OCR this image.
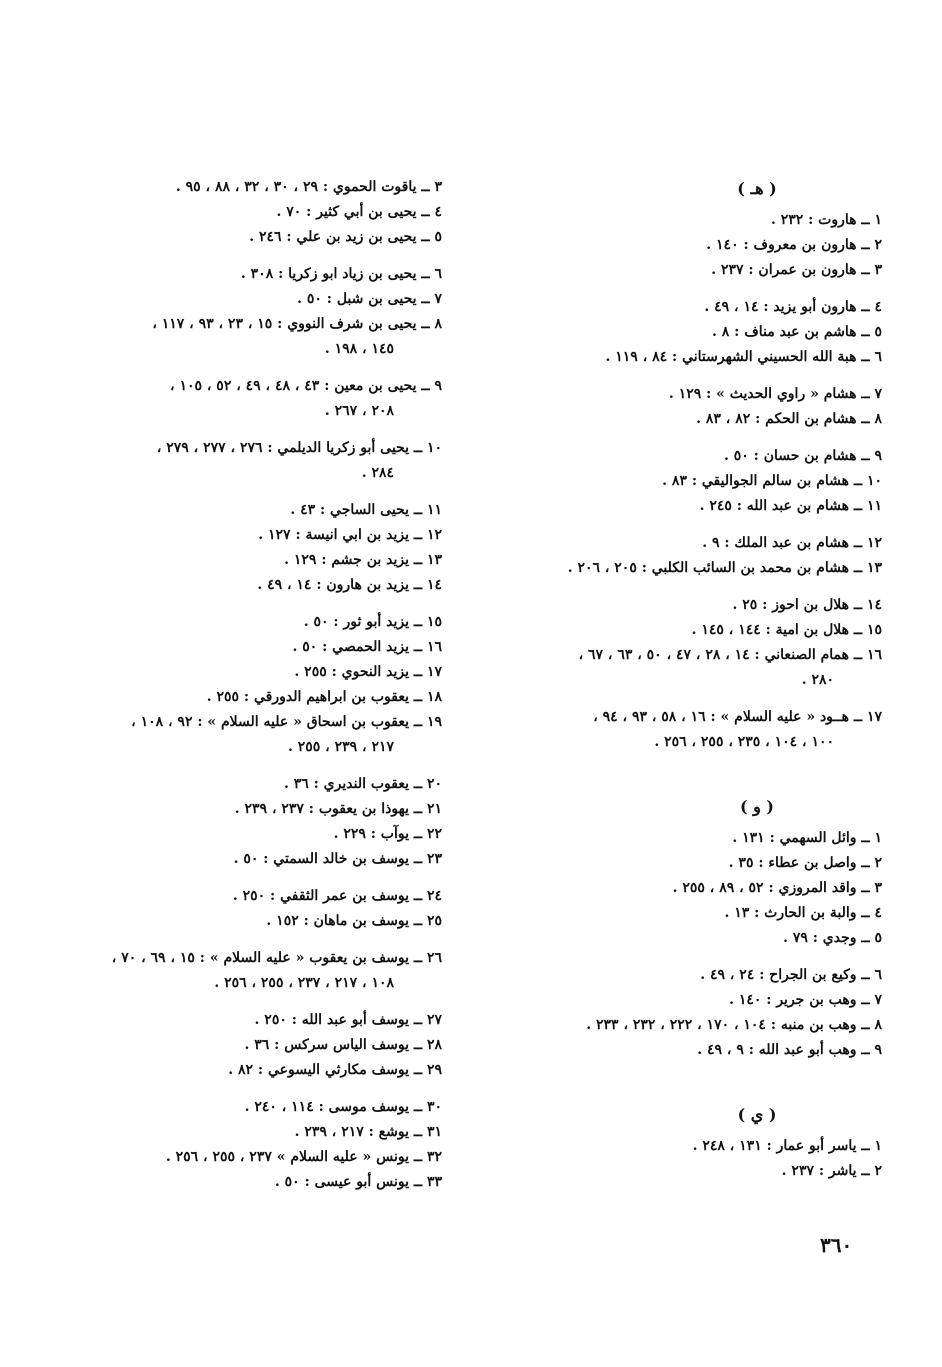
( هـ )
١ ــ هاروت : ٢٣٢ .
٢ ــ هارون بن معروف : ١٤٠ .
٣ ــ هارون بن عمران : ٢٣٧ .
٤ ــ هارون أبو يزيد : ١٤ ، ٤٩ .
٥ ــ هاشم بن عبد مناف : ٨ .
٦ ــ هبة الله الحسيني الشهرستاني : ٨٤ ، ١١٩ .
٧ ــ هشام « راوي الحديث » : ١٢٩ .
٨ ــ هشام بن الحكم : ٨٢ ، ٨٣ .
٩ ــ هشام بن حسان : ٥٠ .
١٠ ــ هشام بن سالم الجواليقي : ٨٣ .
١١ ــ هشام بن عبد الله : ٢٤٥ .
١٢ ــ هشام بن عبد الملك : ٩ .
١٣ ــ هشام بن محمد بن السائب الكلبي : ٢٠٥ ، ٢٠٦ .
١٤ ــ هلال بن احوز : ٢٥ .
١٥ ــ هلال بن امية : ١٤٤ ، ١٤٥ .
١٦ ــ همام الصنعاني : ١٤ ، ٢٨ ، ٤٧ ، ٥٠ ، ٦٣ ، ٦٧ ،
٢٨٠ .
١٧ ــ هــود « عليه السلام » : ١٦ ، ٥٨ ، ٩٣ ، ٩٤ ،
١٠٠ ، ١٠٤ ، ٢٣٥ ، ٢٥٥ ، ٢٥٦ .
( و )
١ ــ وائل السهمي : ١٣١ .
٢ ــ واصل بن عطاء : ٣٥ .
٣ ــ واقد المروزي : ٥٢ ، ٨٩ ، ٢٥٥ .
٤ ــ والبة بن الحارث : ١٣ .
٥ ــ وجدي : ٧٩ .
٦ ــ وكيع بن الجراح : ٢٤ ، ٤٩ .
٧ ــ وهب بن جرير : ١٤٠ .
٨ ــ وهب بن منبه : ١٠٤ ، ١٧٠ ، ٢٢٢ ، ٢٣٢ ، ٢٣٣ .
٩ ــ وهب أبو عبد الله : ٩ ، ٤٩ .
( ي )
١ ــ ياسر أبو عمار : ١٣١ ، ٢٤٨ .
٢ ــ ياشر : ٢٣٧ .
٣ ــ ياقوت الحموي : ٢٩ ، ٣٠ ، ٣٢ ، ٨٨ ، ٩٥ .
٤ ــ يحيى بن أبي كثير : ٧٠ .
٥ ــ يحيى بن زيد بن علي : ٢٤٦ .
٦ ــ يحيى بن زياد ابو زكريا : ٣٠٨ .
٧ ــ يحيى بن شبل : ٥٠ .
٨ ــ يحيى بن شرف النووي : ١٥ ، ٢٣ ، ٩٣ ، ١١٧ ،
١٤٥ ، ١٩٨ .
٩ ــ يحيى بن معين : ٤٣ ، ٤٨ ، ٤٩ ، ٥٢ ، ١٠٥ ،
٢٠٨ ، ٢٦٧ .
١٠ ــ يحيى أبو زكريا الديلمي : ٢٧٦ ، ٢٧٧ ، ٢٧٩ ،
٢٨٤ .
١١ ــ يحيى الساجي : ٤٣ .
١٢ ــ يزيد بن ابي انيسة : ١٢٧ .
١٣ ــ يزيد بن جشم : ١٢٩ .
١٤ ــ يزيد بن هارون : ١٤ ، ٤٩ .
١٥ ــ يزيد أبو ثور : ٥٠ .
١٦ ــ يزيد الحمصي : ٥٠ .
١٧ ــ يزيد النحوي : ٢٥٥ .
١٨ ــ يعقوب بن ابراهيم الدورقي : ٢٥٥ .
١٩ ــ يعقوب بن اسحاق « عليه السلام » : ٩٢ ، ١٠٨ ،
٢١٧ ، ٢٣٩ ، ٢٥٥ .
٢٠ ــ يعقوب النديري : ٣٦ .
٢١ ــ يهوذا بن يعقوب : ٢٣٧ ، ٢٣٩ .
٢٢ ــ يوآب : ٢٢٩ .
٢٣ ــ يوسف بن خالد السمتي : ٥٠ .
٢٤ ــ يوسف بن عمر الثقفي : ٢٥٠ .
٢٥ ــ يوسف بن ماهان : ١٥٢ .
٢٦ ــ يوسف بن يعقوب « عليه السلام » : ١٥ ، ٦٩ ، ٧٠ ،
١٠٨ ، ٢١٧ ، ٢٣٧ ، ٢٥٥ ، ٢٥٦ .
٢٧ ــ يوسف أبو عبد الله : ٢٥٠ .
٢٨ ــ يوسف الياس سركس : ٣٦ .
٢٩ ــ يوسف مكارثي اليسوعي : ٨٢ .
٣٠ ــ يوسف موسى : ١١٤ ، ٢٤٠ .
٣١ ــ يوشع : ٢١٧ ، ٢٣٩ .
٣٢ ــ يونس « عليه السلام » ٢٣٧ ، ٢٥٥ ، ٢٥٦ .
٣٣ ــ يونس أبو عيسى : ٥٠ .
٣٦٠
